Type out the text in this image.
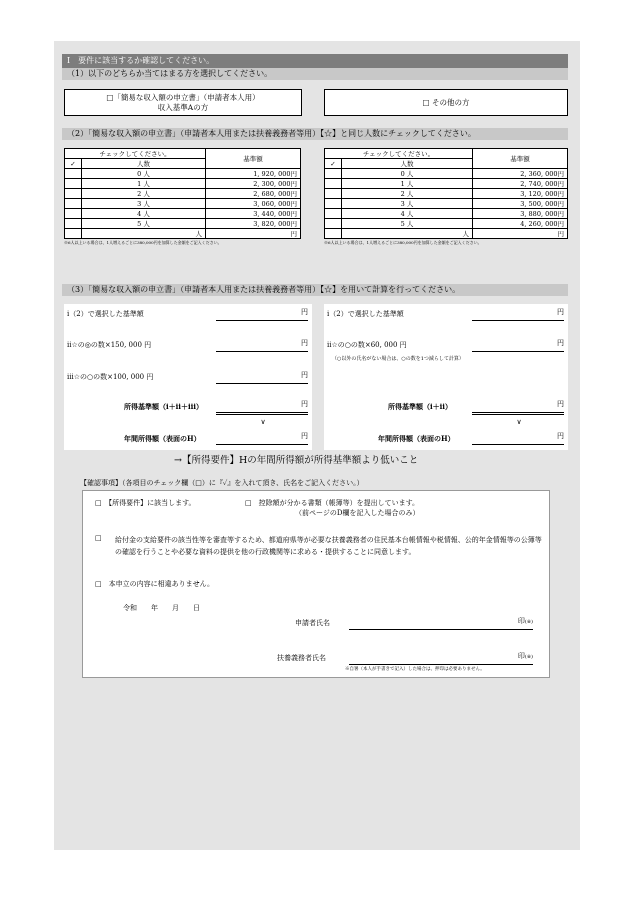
Ⅰ　要件に該当するか確認してください。
（1）以下のどちらか当てはまる方を選択してください。
□「簡易な収入額の申立書」（申請者本人用）
収入基準Aの方
□ その他の方
（2）「簡易な収入額の申立書」（申請者本人用または扶養義務者等用）【☆】と同じ人数にチェックしてください。
チェックしてください。		基準額
✓	人数	
	0 人	1, 920, 000円
	1 人	2, 300, 000円
	2 人	2, 680, 000円
	3 人	3, 060, 000円
	4 人	3, 440, 000円
	5 人	3, 820, 000円
	人	円
※6人以上いる場合は、1人増えるごとに380,000円を加算した金額をご記入ください。
チェックしてください。		基準額
✓	人数	
	0 人	2, 360, 000円
	1 人	2, 740, 000円
	2 人	3, 120, 000円
	3 人	3, 500, 000円
	4 人	3, 880, 000円
	5 人	4, 260, 000円
	人	円
※6人以上いる場合は、1人増えるごとに380,000円を加算した金額をご記入ください。
（3）「簡易な収入額の申立書」（申請者本人用または扶養義務者等用）【☆】を用いて計算を行ってください。
ⅰ（2）で選択した基準額	円
ⅱ☆の◎の数×150, 000 円	円
ⅲ☆の○の数×100, 000 円	円
所得基準額（ⅰ＋ⅱ＋ⅲ）	円
∨
年間所得額（表面のH）	円
ⅰ（2）で選択した基準額	円
ⅱ☆の○の数×60, 000 円	円
（○以外の氏名がない場合は、○の数を1つ減らして計算）
所得基準額（ⅰ＋ⅱ）	円
∨
年間所得額（表面のH）	円
→【所得要件】Hの年間所得額が所得基準額より低いこと
【確認事項】（各項目のチェック欄（□）に『✓』を入れて頂き、氏名をご記入ください。）
□　【所得要件】に該当します。	□　控除額が分かる書類（帳簿等）を提出しています。
（前ページのD欄を記入した場合のみ）
□ 給付金の支給要件の該当性等を審査等するため、都道府県等が必要な扶養義務者の住民基本台帳情報や税情報、公的年金情報等の公簿等の確認を行うことや必要な資料の提供を他の行政機関等に求める・提供することに同意します。
□　本申立の内容に相違ありません。
令和　　年　　月　　日
申請者氏名	印(※)
扶養義務者氏名	印(※)
※自署（本人が手書きで記入）した場合は、押印は必要ありません。
